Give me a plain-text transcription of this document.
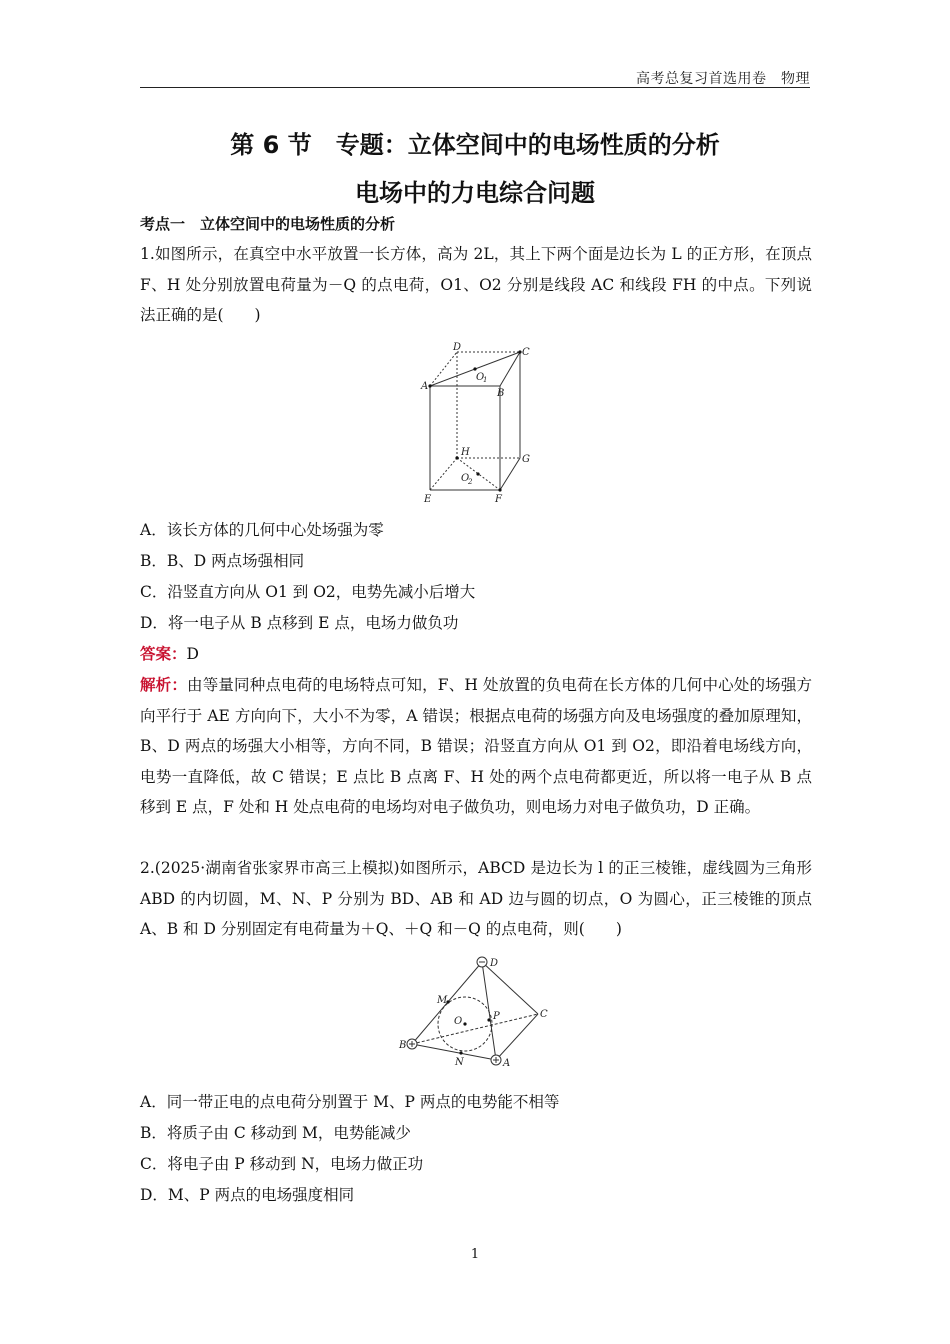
高考总复习首选用卷　物理
第 6 节　专题：立体空间中的电场性质的分析
电场中的力电综合问题
考点一　立体空间中的电场性质的分析
1.如图所示，在真空中水平放置一长方体，高为 2L，其上下两个面是边长为 L 的正方形，在顶点 F、H 处分别放置电荷量为－Q 的点电荷，O1、O2 分别是线段 AC 和线段 FH 的中点。下列说法正确的是(　　)
D	C
A
B
O
1
H
G
O
2
E	F
A．该长方体的几何中心处场强为零
B．B、D 两点场强相同
C．沿竖直方向从 O1 到 O2，电势先减小后增大
D．将一电子从 B 点移到 E 点，电场力做负功
答案：D
解析：由等量同种点电荷的电场特点可知，F、H 处放置的负电荷在长方体的几何中心处的场强方向平行于 AE 方向向下，大小不为零，A 错误；根据点电荷的场强方向及电场强度的叠加原理知，B、D 两点的场强大小相等，方向不同，B 错误；沿竖直方向从 O1 到 O2，即沿着电场线方向，电势一直降低，故 C 错误；E 点比 B 点离 F、H 处的两个点电荷都更近，所以将一电子从 B 点移到 E 点，F 处和 H 处点电荷的电场均对电子做负功，则电场力对电子做负功，D 正确。
2.(2025·湖南省张家界市高三上模拟)如图所示，ABCD 是边长为 l 的正三棱锥，虚线圆为三角形 ABD 的内切圆，M、N、P 分别为 BD、AB 和 AD 边与圆的切点，O 为圆心，正三棱锥的顶点 A、B 和 D 分别固定有电荷量为＋Q、＋Q 和－Q 的点电荷，则(　　)
D
C
B
A
M
O	P
N
A．同一带正电的点电荷分别置于 M、P 两点的电势能不相等
B．将质子由 C 移动到 M，电势能减少
C．将电子由 P 移动到 N，电场力做正功
D．M、P 两点的电场强度相同
1
